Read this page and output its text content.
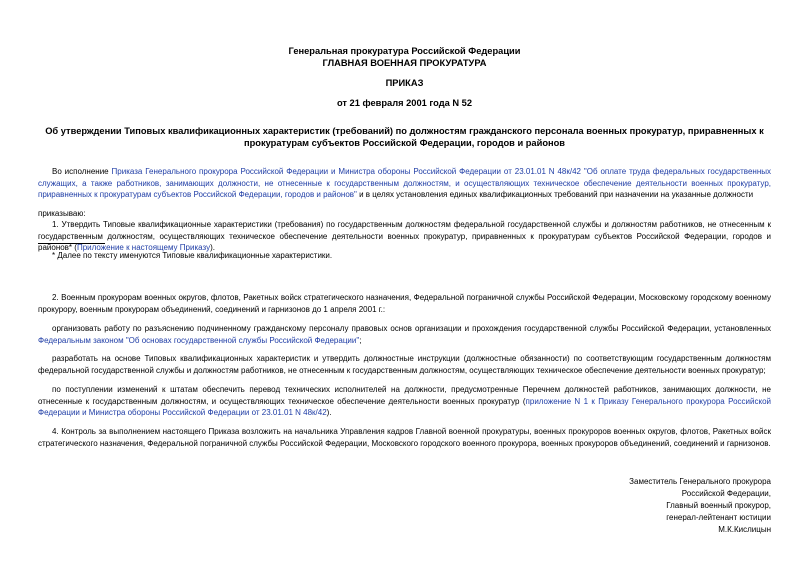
Генеральная прокуратура Российской Федерации

ГЛАВНАЯ ВОЕННАЯ ПРОКУРАТУРА

ПРИКАЗ

от 21 февраля 2001 года N 52

Об утверждении Типовых квалификационных характеристик (требований) по должностям гражданского персонала военных прокуратур, приравненных к

прокуратурам субъектов Российской Федерации, городов и районов

Во исполнение Приказа Генерального прокурора Российской Федерации и Министра обороны Российской Федерации от 23.01.01 N 48к/42 "Об оплате труда федеральных государственных служащих, а также работников, занимающих должности, не отнесенные к государственным должностям, и осуществляющих техническое обеспечение деятельности военных прокуратур, приравненных к прокуратурам субъектов Российской Федерации, городов и районов" и в целях установления единых квалификационных требований при назначении на указанные должности

приказываю:

1. Утвердить Типовые квалификационные характеристики (требования) по государственным должностям федеральной государственной службы и должностям работников, не отнесенным к государственным должностям, осуществляющих техническое обеспечение деятельности военных прокуратур, приравненных к прокуратурам субъектов Российской Федерации, городов и районов* (Приложение к настоящему Приказу).

* Далее по тексту именуются Типовые квалификационные характеристики.

2. Военным прокурорам военных округов, флотов, Ракетных войск стратегического назначения, Федеральной пограничной службы Российской Федерации, Московскому городскому военному прокурору, военным прокурорам объединений, соединений и гарнизонов до 1 апреля 2001 г.:

организовать работу по разъяснению подчиненному гражданскому персоналу правовых основ организации и прохождения государственной службы Российской Федерации, установленных Федеральным законом "Об основах государственной службы Российской Федерации";

разработать на основе Типовых квалификационных характеристик и утвердить должностные инструкции (должностные обязанности) по соответствующим государственным должностям федеральной государственной службы и должностям работников, не отнесенным к государственным должностям, осуществляющих техническое обеспечение деятельности военных прокуратур;

по поступлении изменений к штатам обеспечить перевод технических исполнителей на должности, предусмотренные Перечнем должностей работников, занимающих должности, не отнесенные к государственным должностям, и осуществляющих техническое обеспечение деятельности военных прокуратур (приложение N 1 к Приказу Генерального прокурора Российской Федерации и Министра обороны Российской Федерации от 23.01.01 N 48к/42).

4. Контроль за выполнением настоящего Приказа возложить на начальника Управления кадров Главной военной прокуратуры, военных прокуроров военных округов, флотов, Ракетных войск стратегического назначения, Федеральной пограничной службы Российской Федерации, Московского городского военного прокурора, военных прокуроров объединений, соединений и гарнизонов.

Заместитель Генерального прокурора
Российской Федерации,
Главный военный прокурор,
генерал-лейтенант юстиции
М.К.Кислицын
